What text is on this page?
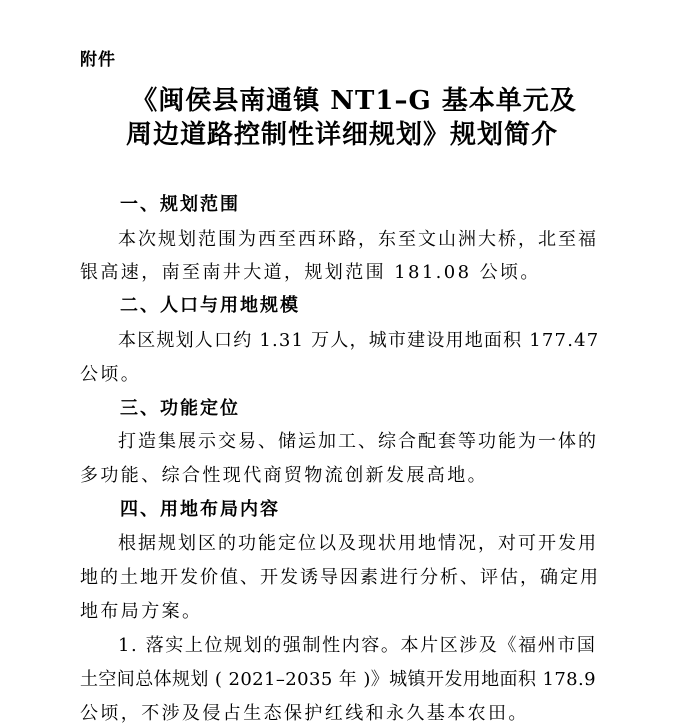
附件
《闽侯县南通镇 NT1–G 基本单元及
周边道路控制性详细规划》规划简介
一、规划范围
本次规划范围为西至西环路，东至文山洲大桥，北至福
银高速，南至南井大道，规划范围 181.08 公顷。
二、人口与用地规模
本区规划人口约 1.31 万人，城市建设用地面积 177.47
公顷。
三、功能定位
打造集展示交易、储运加工、综合配套等功能为一体的
多功能、综合性现代商贸物流创新发展高地。
四、用地布局内容
根据规划区的功能定位以及现状用地情况，对可开发用
地的土地开发价值、开发诱导因素进行分析、评估，确定用
地布局方案。
1. 落实上位规划的强制性内容。本片区涉及《福州市国
土空间总体规划 ( 2021–2035 年 )》城镇开发用地面积 178.9
公顷，不涉及侵占生态保护红线和永久基本农田。
